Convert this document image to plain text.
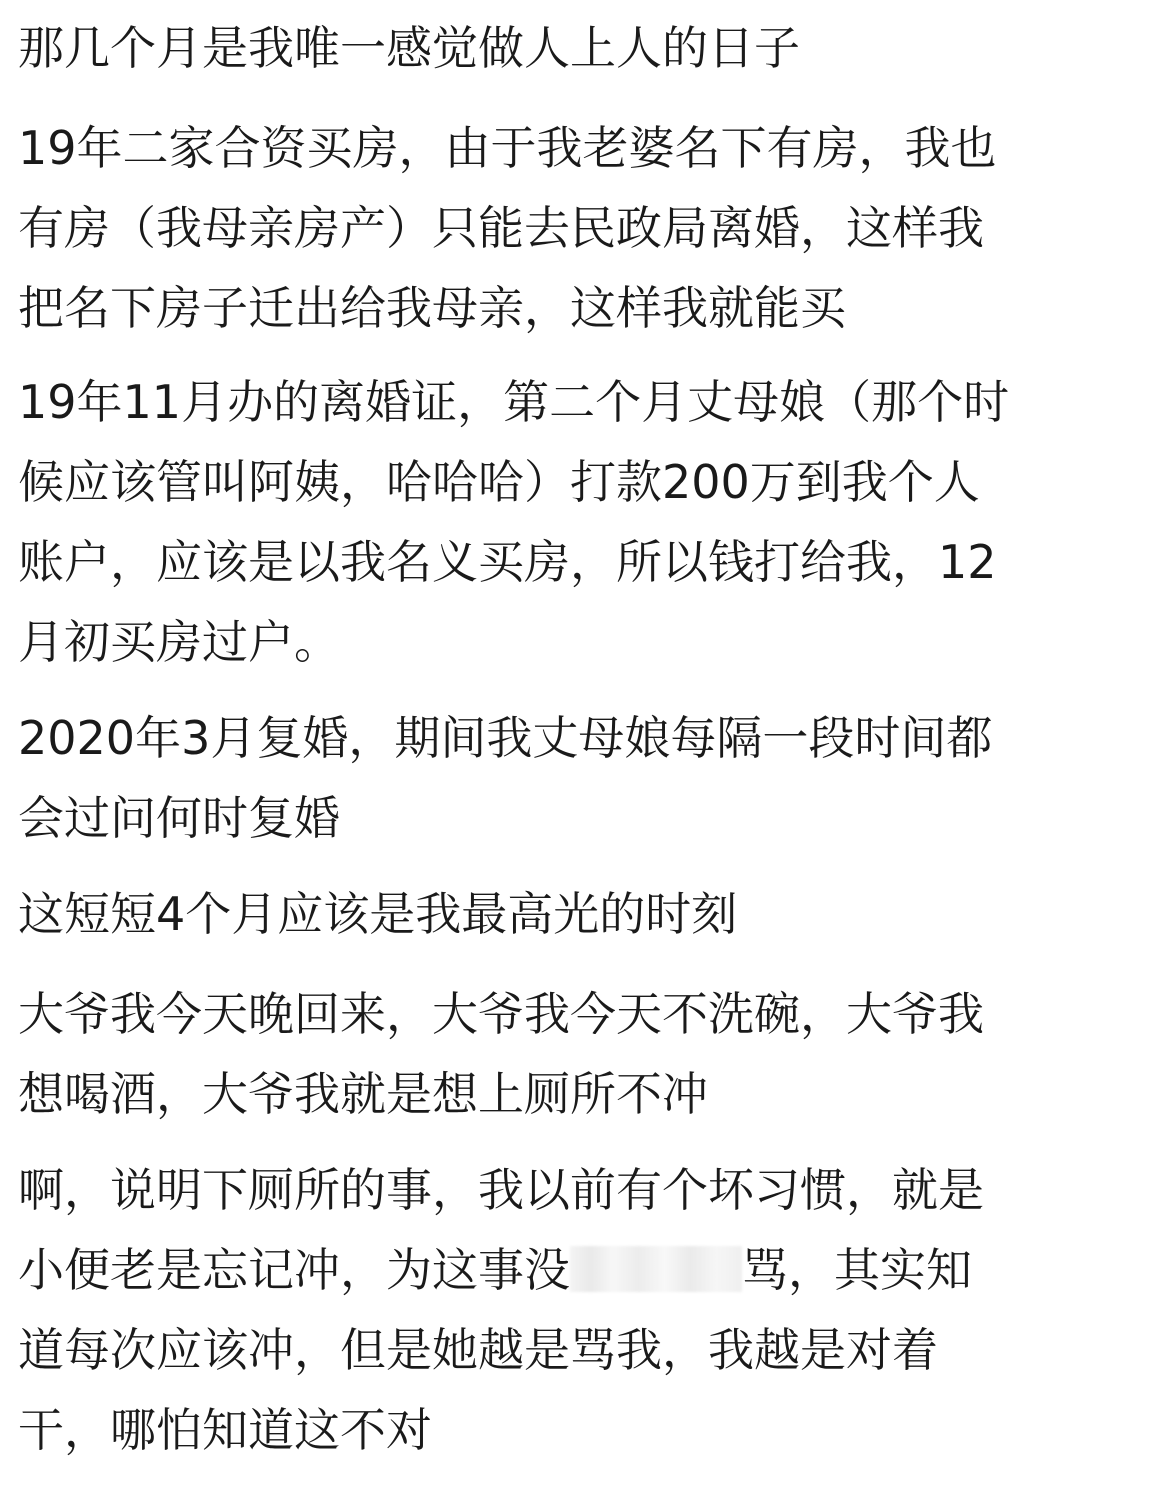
那几个月是我唯一感觉做人上人的日子

19年二家合资买房，由于我老婆名下有房，我也
有房（我母亲房产）只能去民政局离婚，这样我
把名下房子迁出给我母亲，这样我就能买

19年11月办的离婚证，第二个月丈母娘（那个时
候应该管叫阿姨，哈哈哈）打款200万到我个人
账户，应该是以我名义买房，所以钱打给我，12
月初买房过户。

2020年3月复婚，期间我丈母娘每隔一段时间都
会过问何时复婚

这短短4个月应该是我最高光的时刻

大爷我今天晚回来，大爷我今天不洗碗，大爷我
想喝酒，大爷我就是想上厕所不冲

啊，说明下厕所的事，我以前有个坏习惯，就是
小便老是忘记冲，为这事没	骂，其实知
道每次应该冲，但是她越是骂我，我越是对着
干，哪怕知道这不对
